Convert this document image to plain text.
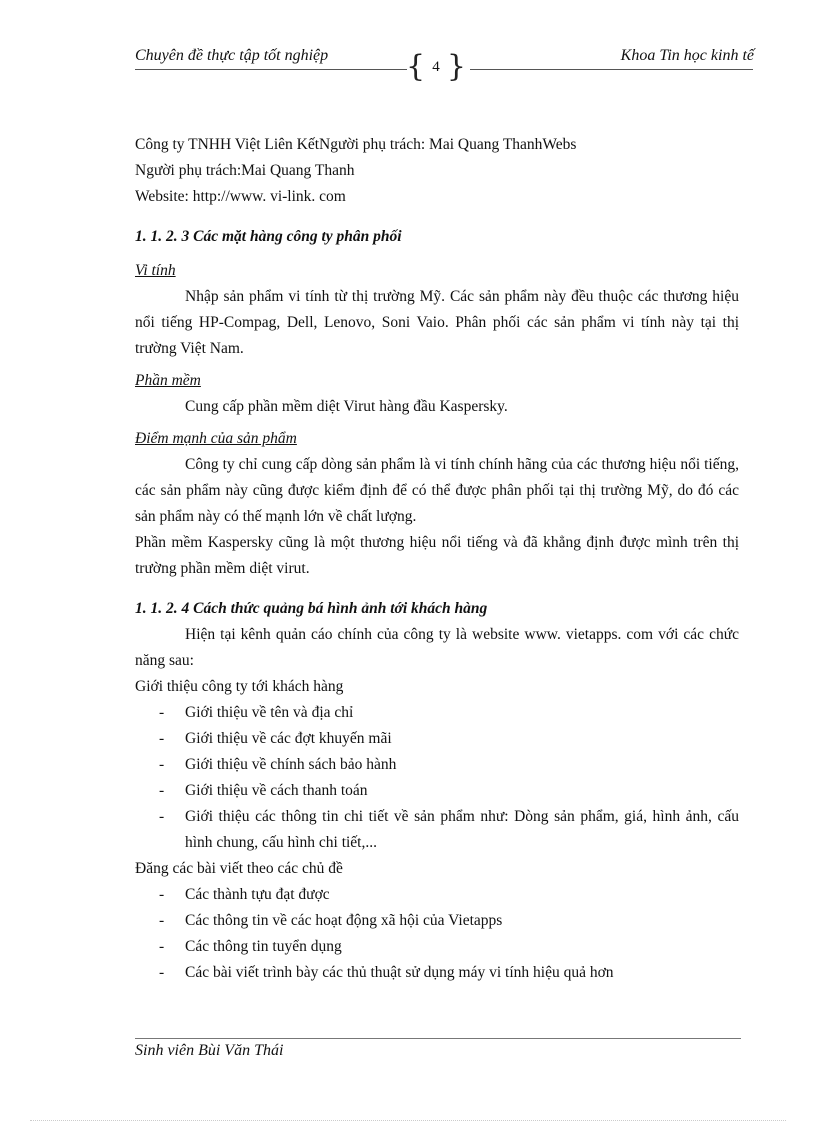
Chuyên đề thực tập tốt nghiệp	{ 4 }	Khoa Tin học kinh tế

Công ty TNHH Việt Liên KếtNgười phụ trách: Mai Quang ThanhWebs

Người phụ trách:Mai Quang Thanh

Website: http://www. vi-link. com

1. 1. 2. 3 Các mặt hàng công ty phân phối

Vi tính

Nhập sản phẩm vi tính từ thị trường Mỹ. Các sản phẩm này đều thuộc các thương hiệu nổi tiếng HP-Compag, Dell, Lenovo, Soni Vaio. Phân phối các sản phẩm vi tính này tại thị trường Việt Nam.

Phần mềm

Cung cấp phần mềm diệt Virut hàng đầu Kaspersky.

Điểm mạnh của sản phẩm

Công ty chỉ cung cấp dòng sản phẩm là vi tính chính hãng của các thương hiệu nổi tiếng, các sản phẩm này cũng được kiểm định để có thể được phân phối tại thị trường Mỹ, do đó các sản phẩm này có thế mạnh lớn về chất lượng.

Phần mềm Kaspersky cũng là một thương hiệu nổi tiếng và đã khẳng định được mình trên thị trường phần mềm diệt virut.

1. 1. 2. 4 Cách thức quảng bá hình ảnh tới khách hàng

Hiện tại kênh quản cáo chính của công ty là website www. vietapps. com với các chức năng sau:

Giới thiệu công ty tới khách hàng

- Giới thiệu về tên và địa chỉ
- Giới thiệu về các đợt khuyến mãi
- Giới thiệu về chính sách bảo hành
- Giới thiệu về cách thanh toán
- Giới thiệu các thông tin chi tiết về sản phẩm như: Dòng sản phẩm, giá, hình ảnh, cấu hình chung, cấu hình chi tiết,...

Đăng các bài viết theo các chủ đề

- Các thành tựu đạt được
- Các thông tin về các hoạt động xã hội của Vietapps
- Các thông tin tuyển dụng
- Các bài viết trình bày các thủ thuật sử dụng máy vi tính hiệu quả hơn
Sinh viên Bùi Văn Thái
